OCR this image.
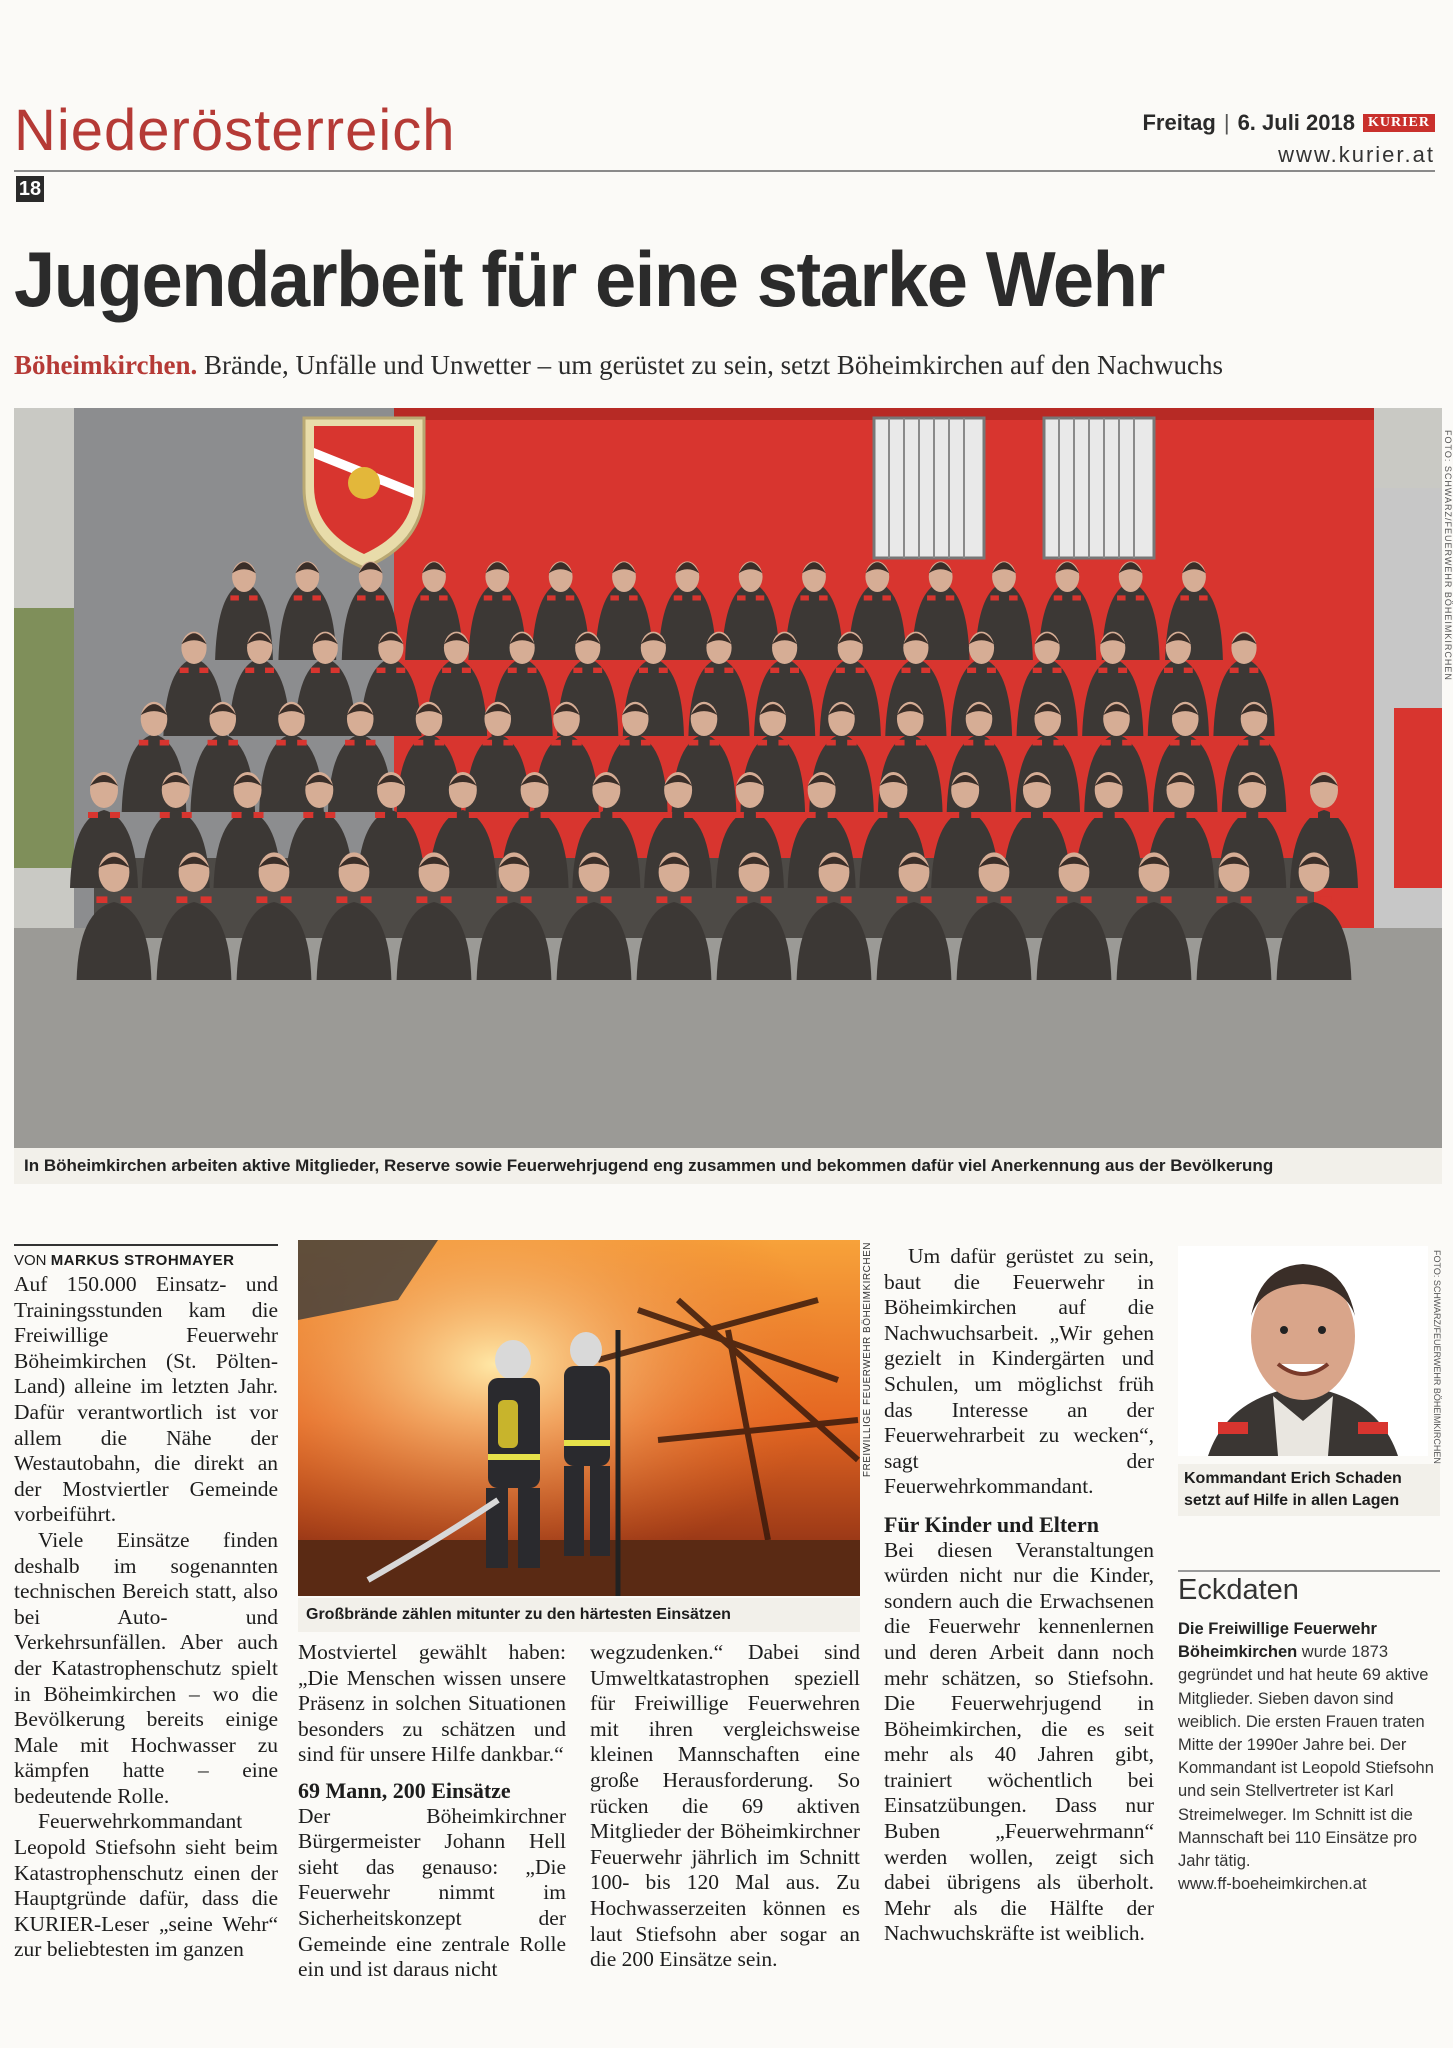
Niederösterreich	Freitag | 6. Juli 2018 KURIER
www.kurier.at
18
Jugendarbeit für eine starke Wehr
Böheimkirchen. Brände, Unfälle und Unwetter – um gerüstet zu sein, setzt Böheimkirchen auf den Nachwuchs
FOTO: SCHWARZ/FEUERWEHR BÖHEIMKIRCHEN
In Böheimkirchen arbeiten aktive Mitglieder, Reserve sowie Feuerwehrjugend eng zusammen und bekommen dafür viel Anerkennung aus der Bevölkerung
VON MARKUS STROHMAYER

Auf 150.000 Einsatz- und Trainingsstunden kam die Freiwillige Feuerwehr Böheimkirchen (St. Pölten-Land) alleine im letzten Jahr. Dafür verantwortlich ist vor allem die Nähe der Westautobahn, die direkt an der Mostviertler Gemeinde vorbeiführt.

Viele Einsätze finden deshalb im sogenannten technischen Bereich statt, also bei Auto- und Verkehrsunfällen. Aber auch der Katastrophenschutz spielt in Böheimkirchen – wo die Bevölkerung bereits einige Male mit Hochwasser zu kämpfen hatte – eine bedeutende Rolle.

Feuerwehrkommandant Leopold Stiefsohn sieht beim Katastrophenschutz einen der Hauptgründe dafür, dass die KURIER-Leser „seine Wehr“ zur beliebtesten im ganzen

FREIWILLIGE FEUERWEHR BÖHEIMKIRCHEN
Großbrände zählen mitunter zu den härtesten Einsätzen

Mostviertel gewählt haben: „Die Menschen wissen unsere Präsenz in solchen Situationen besonders zu schätzen und sind für unsere Hilfe dankbar.“

69 Mann, 200 Einsätze

Der Böheimkirchner Bürgermeister Johann Hell sieht das genauso: „Die Feuerwehr nimmt im Sicherheitskonzept der Gemeinde eine zentrale Rolle ein und ist daraus nicht

wegzudenken.“ Dabei sind Umweltkatastrophen speziell für Freiwillige Feuerwehren mit ihren vergleichsweise kleinen Mannschaften eine große Herausforderung. So rücken die 69 aktiven Mitglieder der Böheimkirchner Feuerwehr jährlich im Schnitt 100- bis 120 Mal aus. Zu Hochwasserzeiten können es laut Stiefsohn aber sogar an die 200 Einsätze sein.

Um dafür gerüstet zu sein, baut die Feuerwehr in Böheimkirchen auf die Nachwuchsarbeit. „Wir gehen gezielt in Kindergärten und Schulen, um möglichst früh das Interesse an der Feuerwehrarbeit zu wecken“, sagt der Feuerwehrkommandant.

Für Kinder und Eltern

Bei diesen Veranstaltungen würden nicht nur die Kinder, sondern auch die Erwachsenen die Feuerwehr kennenlernen und deren Arbeit dann noch mehr schätzen, so Stiefsohn. Die Feuerwehrjugend in Böheimkirchen, die es seit mehr als 40 Jahren gibt, trainiert wöchentlich bei Einsatzübungen. Dass nur Buben „Feuerwehrmann“ werden wollen, zeigt sich dabei übrigens als überholt. Mehr als die Hälfte der Nachwuchskräfte ist weiblich.

FOTO: SCHWARZ/FEUERWEHR BÖHEIMKIRCHEN
Kommandant Erich Schaden setzt auf Hilfe in allen Lagen
Eckdaten
Die Freiwillige Feuerwehr Böheimkirchen wurde 1873 gegründet und hat heute 69 aktive Mitglieder. Sieben davon sind weiblich. Die ersten Frauen traten Mitte der 1990er Jahre bei. Der Kommandant ist Leopold Stiefsohn und sein Stellvertreter ist Karl Streimelweger. Im Schnitt ist die Mannschaft bei 110 Einsätze pro Jahr tätig.
www.ff-boeheimkirchen.at
